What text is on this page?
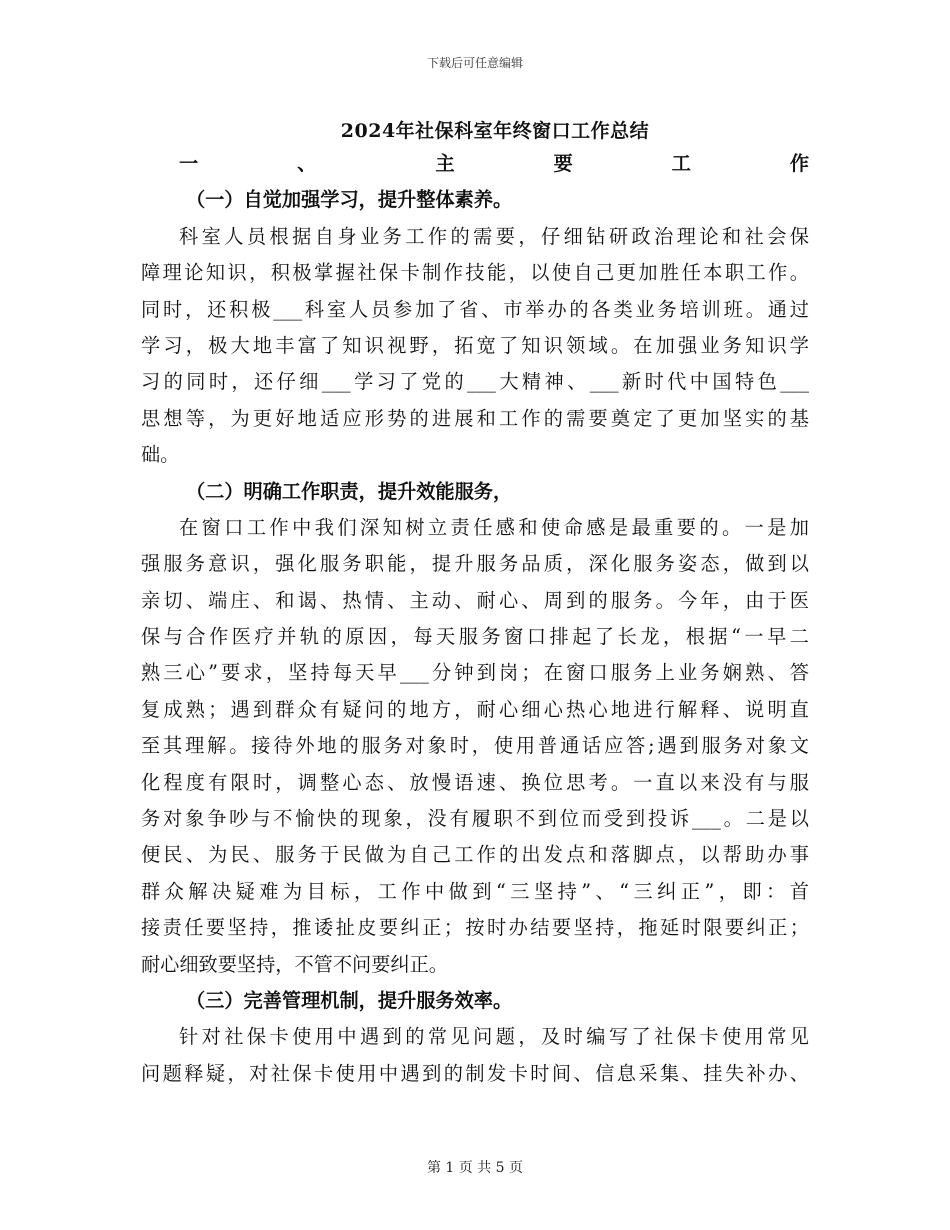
下载后可任意编辑
2024年社保科室年终窗口工作总结
一、 主要工作
（一）自觉加强学习，提升整体素养。
科室人员根据自身业务工作的需要，仔细钻研政治理论和社会保
障理论知识，积极掌握社保卡制作技能，以使自己更加胜任本职工作。
同时，还积极___科室人员参加了省、市举办的各类业务培训班。通过
学习，极大地丰富了知识视野，拓宽了知识领域。在加强业务知识学
习的同时，还仔细___学习了党的___大精神、___新时代中国特色___
思想等，为更好地适应形势的进展和工作的需要奠定了更加坚实的基
础。
（二）明确工作职责，提升效能服务，
在窗口工作中我们深知树立责任感和使命感是最重要的。一是加
强服务意识，强化服务职能，提升服务品质，深化服务姿态，做到以
亲切、端庄、和谒、热情、主动、耐心、周到的服务。今年，由于医
保与合作医疗并轨的原因，每天服务窗口排起了长龙，根据“一早二
熟三心”要求，坚持每天早___分钟到岗；在窗口服务上业务娴熟、答
复成熟；遇到群众有疑问的地方，耐心细心热心地进行解释、说明直
至其理解。接待外地的服务对象时，使用普通话应答;遇到服务对象文
化程度有限时，调整心态、放慢语速、换位思考。一直以来没有与服
务对象争吵与不愉快的现象，没有履职不到位而受到投诉___。二是以
便民、为民、服务于民做为自己工作的出发点和落脚点，以帮助办事
群众解决疑难为目标，工作中做到“三坚持”、“三纠正”，即：首
接责任要坚持，推诿扯皮要纠正；按时办结要坚持，拖延时限要纠正；
耐心细致要坚持，不管不问要纠正。
（三）完善管理机制，提升服务效率。
针对社保卡使用中遇到的常见问题，及时编写了社保卡使用常见
问题释疑，对社保卡使用中遇到的制发卡时间、信息采集、挂失补办、
第 1 页 共 5 页
